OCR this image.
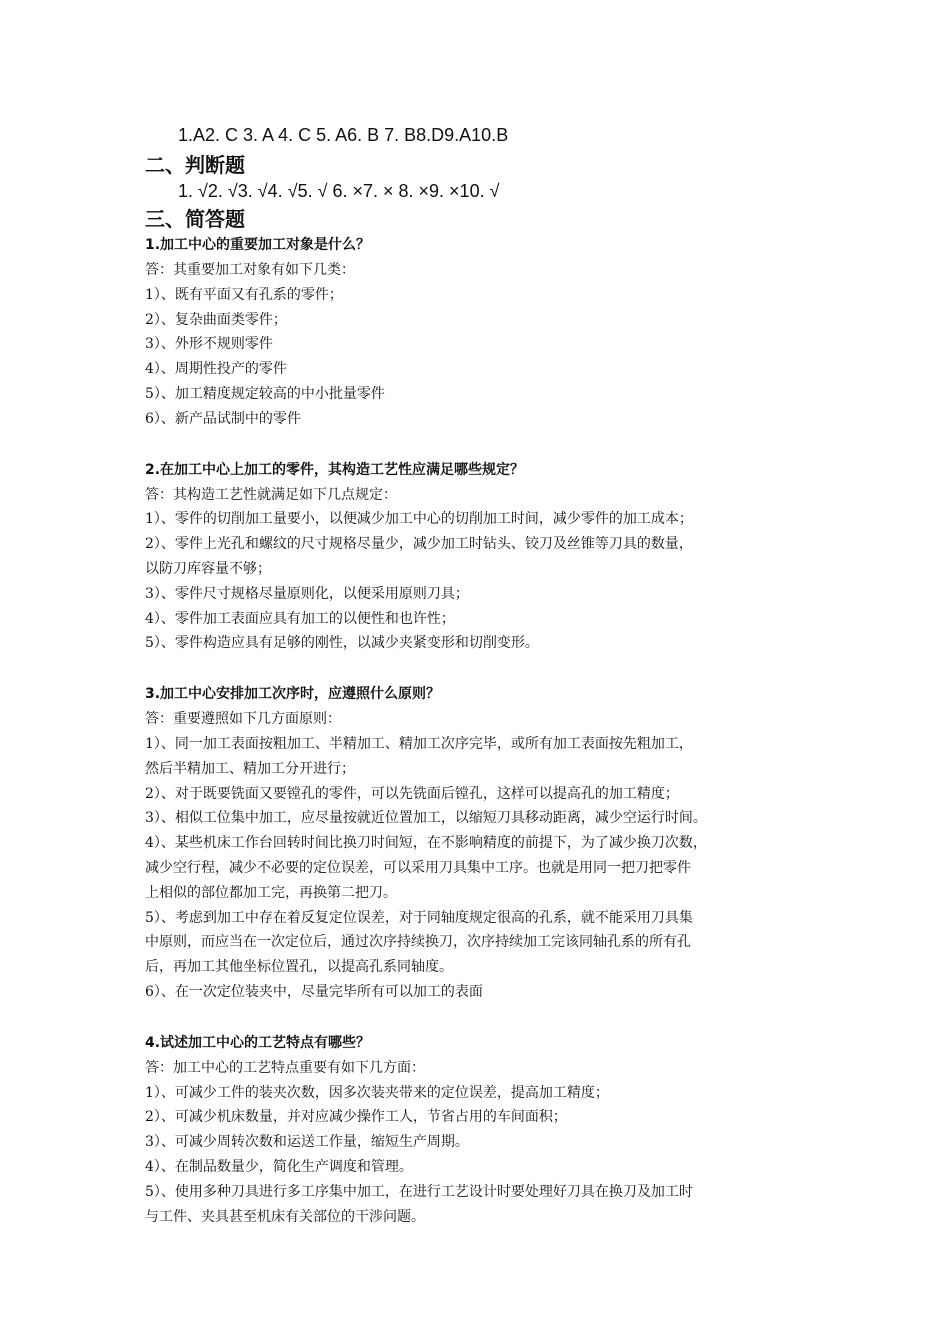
1.A2. C 3. A 4. C 5. A6. B 7. B8.D9.A10.B
二、判断题
1. √2. √3. √4. √5. √ 6. ×7. × 8. ×9. ×10. √
三、简答题
1.加工中心的重要加工对象是什么？
答：其重要加工对象有如下几类：
1）、既有平面又有孔系的零件；
2）、复杂曲面类零件；
3）、外形不规则零件
4）、周期性投产的零件
5）、加工精度规定较高的中小批量零件
6）、新产品试制中的零件
2.在加工中心上加工的零件，其构造工艺性应满足哪些规定？
答：其构造工艺性就满足如下几点规定：
1）、零件的切削加工量要小，以便减少加工中心的切削加工时间，减少零件的加工成本；
2）、零件上光孔和螺纹的尺寸规格尽量少，减少加工时钻头、铰刀及丝锥等刀具的数量，
以防刀库容量不够；
3）、零件尺寸规格尽量原则化，以便采用原则刀具；
4）、零件加工表面应具有加工的以便性和也许性；
5）、零件构造应具有足够的刚性，以减少夹紧变形和切削变形。
3.加工中心安排加工次序时，应遵照什么原则？
答：重要遵照如下几方面原则：
1）、同一加工表面按粗加工、半精加工、精加工次序完毕，或所有加工表面按先粗加工，
然后半精加工、精加工分开进行；
2）、对于既要铣面又要镗孔的零件，可以先铣面后镗孔，这样可以提高孔的加工精度；
3）、相似工位集中加工，应尽量按就近位置加工，以缩短刀具移动距离，减少空运行时间。
4）、某些机床工作台回转时间比换刀时间短，在不影响精度的前提下，为了减少换刀次数，
减少空行程，减少不必要的定位误差，可以采用刀具集中工序。也就是用同一把刀把零件
上相似的部位都加工完，再换第二把刀。
5）、考虑到加工中存在着反复定位误差，对于同轴度规定很高的孔系，就不能采用刀具集
中原则，而应当在一次定位后，通过次序持续换刀，次序持续加工完该同轴孔系的所有孔
后，再加工其他坐标位置孔，以提高孔系同轴度。
6）、在一次定位装夹中，尽量完毕所有可以加工的表面
4.试述加工中心的工艺特点有哪些？
答：加工中心的工艺特点重要有如下几方面：
1）、可减少工件的装夹次数，因多次装夹带来的定位误差，提高加工精度；
2）、可减少机床数量，并对应减少操作工人，节省占用的车间面积；
3）、可减少周转次数和运送工作量，缩短生产周期。
4）、在制品数量少，简化生产调度和管理。
5）、使用多种刀具进行多工序集中加工，在进行工艺设计时要处理好刀具在换刀及加工时
与工件、夹具甚至机床有关部位的干涉问题。
